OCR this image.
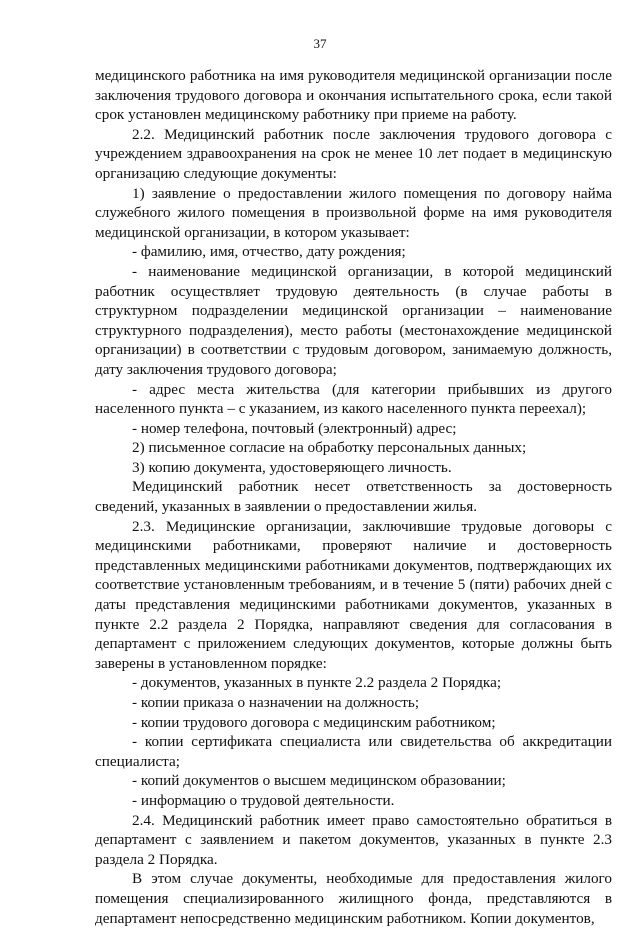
37

медицинского работника на имя руководителя медицинской организации после заключения трудового договора и окончания испытательного срока, если такой срок установлен медицинскому работнику при приеме на работу.

2.2. Медицинский работник после заключения трудового договора с учреждением здравоохранения на срок не менее 10 лет подает в медицинскую организацию следующие документы:

1) заявление о предоставлении жилого помещения по договору найма служебного жилого помещения в произвольной форме на имя руководителя медицинской организации, в котором указывает:

- фамилию, имя, отчество, дату рождения;

- наименование медицинской организации, в которой медицинский работник осуществляет трудовую деятельность (в случае работы в структурном подразделении медицинской организации – наименование структурного подразделения), место работы (местонахождение медицинской организации) в соответствии с трудовым договором, занимаемую должность, дату заключения трудового договора;

- адрес места жительства (для категории прибывших из другого населенного пункта – с указанием, из какого населенного пункта переехал);

- номер телефона, почтовый (электронный) адрес;

2) письменное согласие на обработку персональных данных;

3) копию документа, удостоверяющего личность.

Медицинский работник несет ответственность за достоверность сведений, указанных в заявлении о предоставлении жилья.

2.3. Медицинские организации, заключившие трудовые договоры с медицинскими работниками, проверяют наличие и достоверность представленных медицинскими работниками документов, подтверждающих их соответствие установленным требованиям, и в течение 5 (пяти) рабочих дней с даты представления медицинскими работниками документов, указанных в пункте 2.2 раздела 2 Порядка, направляют сведения для согласования в департамент с приложением следующих документов, которые должны быть заверены в установленном порядке:

- документов, указанных в пункте 2.2 раздела 2 Порядка;

- копии приказа о назначении на должность;

- копии трудового договора с медицинским работником;

- копии сертификата специалиста или свидетельства об аккредитации специалиста;

- копий документов о высшем медицинском образовании;

- информацию о трудовой деятельности.

2.4. Медицинский работник имеет право самостоятельно обратиться в департамент с заявлением и пакетом документов, указанных в пункте 2.3 раздела 2 Порядка.

В этом случае документы, необходимые для предоставления жилого помещения специализированного жилищного фонда, представляются в департамент непосредственно медицинским работником. Копии документов,
